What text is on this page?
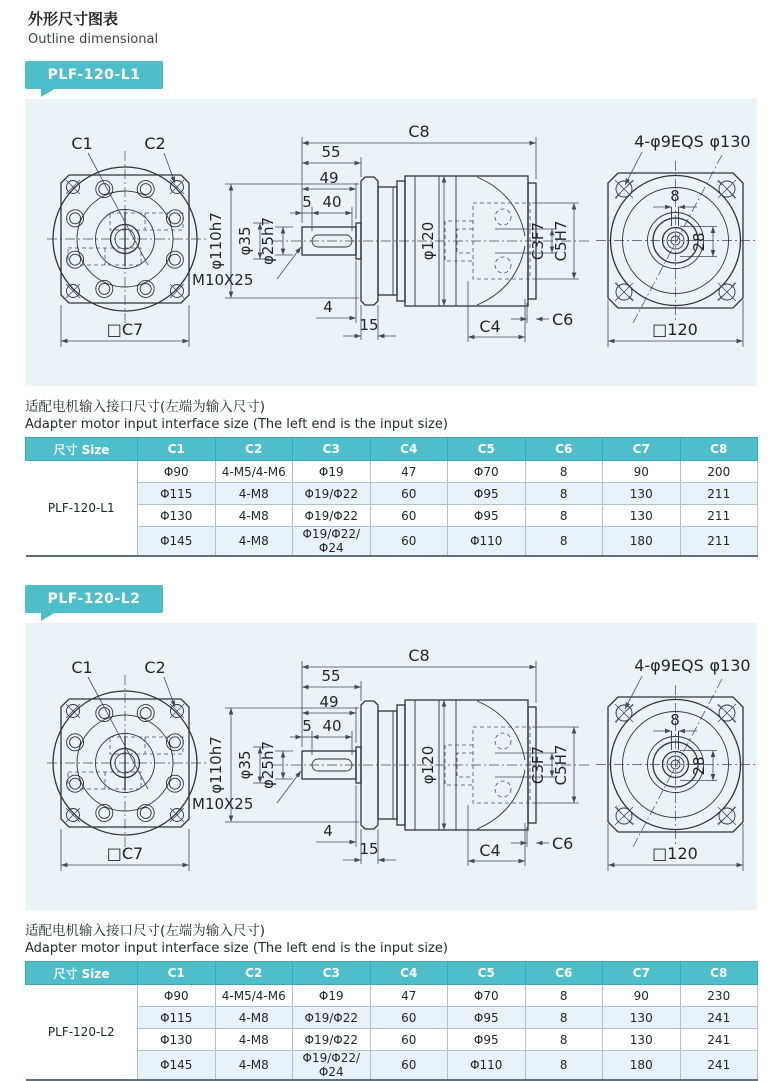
外形尺寸图表
Outline dimensional
PLF-120-L1
C1	C2
□C7
C8
55
49
5 40
φ110h7 φ35 φ25h7
M10X25
4
15
φ120	C3F7 C5H7
C4	C6
8
28
4-φ9EQS φ130
□120
适配电机输入接口尺寸(左端为输入尺寸)
Adapter motor input interface size (The left end is the input size)
尺寸 Size	C1	C2	C3	C4	C5	C6	C7	C8
PLF-120-L1	Φ90	4-M5/4-M6	Φ19	47	Φ70	8	90	200
	Φ115	4-M8	Φ19/Φ22	60	Φ95	8	130	211
	Φ130	4-M8	Φ19/Φ22	60	Φ95	8	130	211
	Φ145	4-M8	Φ19/Φ22/Φ24	60	Φ110	8	180	211
PLF-120-L2
C1	C2
□C7
C8
55
49
5 40
φ110h7 φ35 φ25h7
M10X25
4
15
φ120	C3F7 C5H7
C4	C6
8
28
4-φ9EQS φ130
□120
适配电机输入接口尺寸(左端为输入尺寸)
Adapter motor input interface size (The left end is the input size)
尺寸 Size	C1	C2	C3	C4	C5	C6	C7	C8
PLF-120-L2	Φ90	4-M5/4-M6	Φ19	47	Φ70	8	90	230
	Φ115	4-M8	Φ19/Φ22	60	Φ95	8	130	241
	Φ130	4-M8	Φ19/Φ22	60	Φ95	8	130	241
	Φ145	4-M8	Φ19/Φ22/Φ24	60	Φ110	8	180	241
